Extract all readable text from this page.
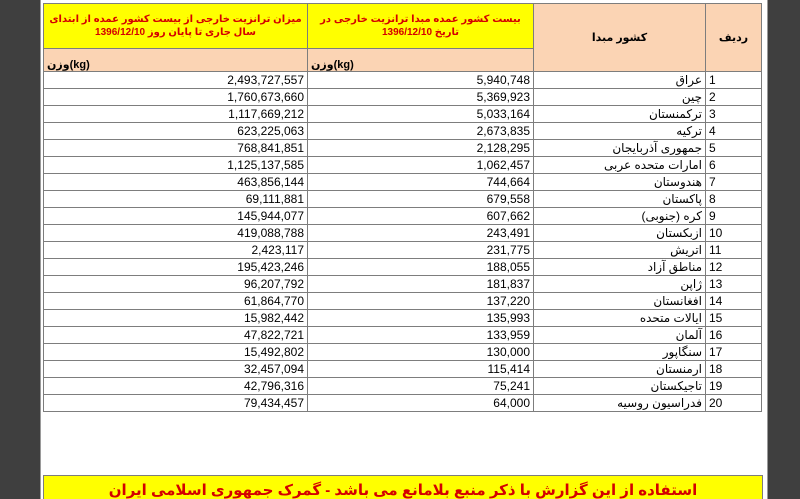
میزان ترانزیت خارجی از بیست کشور عمده از ابتدای سال جاری تا پایان روز 1396/12/10	بیست کشور عمده مبدا ترانزیت خارجی در تاریخ 1396/12/10	کشور مبدا	ردیف
وزن(kg)	وزن(kg)		
2,493,727,557	5,940,748	عراق	1
1,760,673,660	5,369,923	چین	2
1,117,669,212	5,033,164	ترکمنستان	3
623,225,063	2,673,835	ترکیه	4
768,841,851	2,128,295	جمهوری آذربایجان	5
1,125,137,585	1,062,457	امارات متحده عربی	6
463,856,144	744,664	هندوستان	7
69,111,881	679,558	پاکستان	8
145,944,077	607,662	کره (جنوبی)	9
419,088,788	243,491	ازبکستان	10
2,423,117	231,775	اتریش	11
195,423,246	188,055	مناطق آزاد	12
96,207,792	181,837	ژاپن	13
61,864,770	137,220	افغانستان	14
15,982,442	135,993	ایالات متحده	15
47,822,721	133,959	آلمان	16
15,492,802	130,000	سنگاپور	17
32,457,094	115,414	ارمنستان	18
42,796,316	75,241	تاجیکستان	19
79,434,457	64,000	فدراسیون روسیه	20
استفاده از این گزارش با ذکر منبع بلامانع می باشد - گمرک جمهوری اسلامی ایران
